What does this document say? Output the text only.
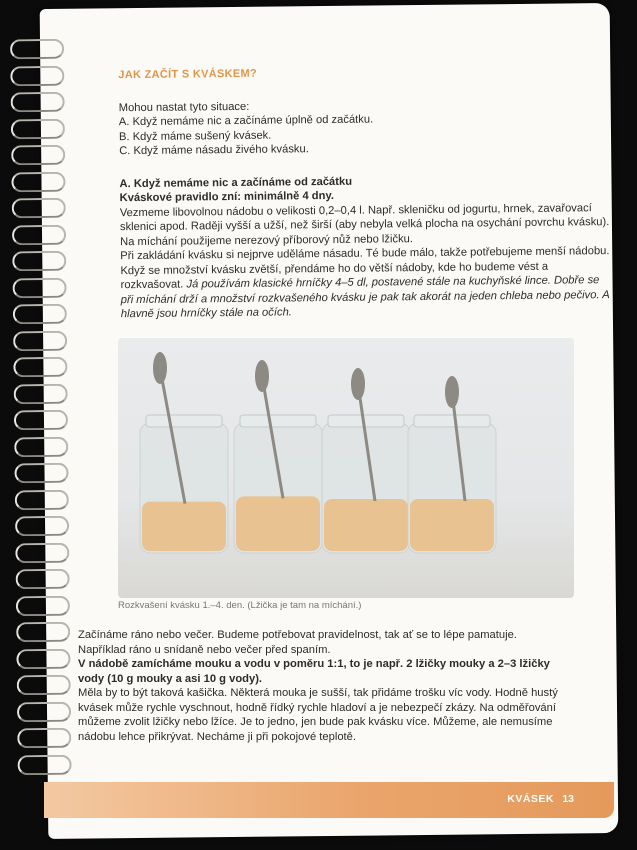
JAK ZAČÍT S KVÁSKEM?
Mohou nastat tyto situace:
A. Když nemáme nic a začínáme úplně od začátku.
B. Když máme sušený kvásek.
C. Když máme násadu živého kvásku.
A. Když nemáme nic a začínáme od začátku
Kváskové pravidlo zní: minimálně 4 dny.

Vezmeme libovolnou nádobu o velikosti 0,2–0,4 l. Např. skleničku od jogurtu, hrnek, zavařovací sklenici apod. Raději vyšší a užší, než širší (aby nebyla velká plocha na osychání povrchu kvásku). Na míchání použijeme nerezový příborový nůž nebo lžičku.

Při zakládání kvásku si nejprve uděláme násadu. Té bude málo, takže potřebujeme menší nádobu. Když se množství kvásku zvětší, přendáme ho do větší nádoby, kde ho budeme vést a rozkvašovat. Já používám klasické hrníčky 4–5 dl, postavené stále na kuchyňské lince. Dobře se při míchání drží a množství rozkvašeného kvásku je pak tak akorát na jeden chleba nebo pečivo. A hlavně jsou hrníčky stále na očích.

Rozkvašení kvásku 1.–4. den. (Lžička je tam na míchání.)
Začínáme ráno nebo večer. Budeme potřebovat pravidelnost, tak ať se to lépe pamatuje.
Například ráno u snídaně nebo večer před spaním.
V nádobě zamícháme mouku a vodu v poměru 1:1, to je např. 2 lžičky mouky a 2–3 lžičky vody (10 g mouky a asi 10 g vody).
Měla by to být taková kašička. Některá mouka je sušší, tak přidáme trošku víc vody. Hodně hustý kvásek může rychle vyschnout, hodně řídký rychle hladoví a je nebezpečí zkázy. Na odměřování můžeme zvolit lžičky nebo lžíce. Je to jedno, jen bude pak kvásku více. Můžeme, ale nemusíme nádobu lehce přikrývat. Necháme ji při pokojové teplotě.
KVÁSEK 13
